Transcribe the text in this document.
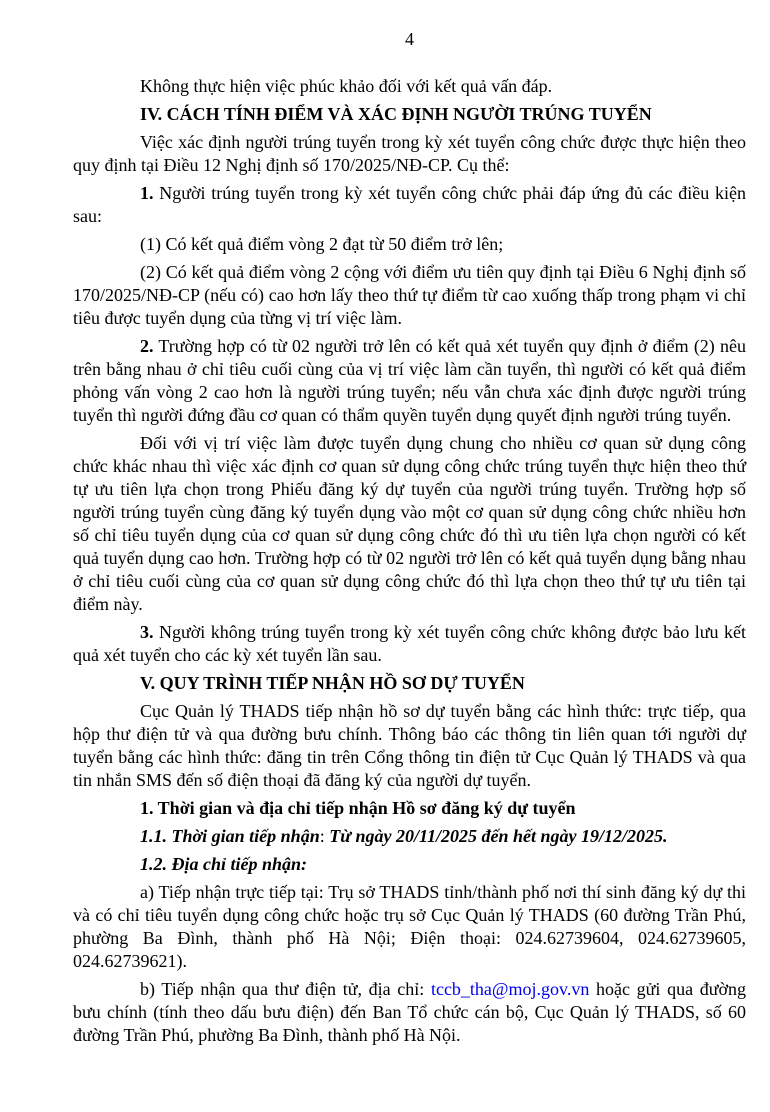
4

Không thực hiện việc phúc khảo đối với kết quả vấn đáp.

IV. CÁCH TÍNH ĐIỂM VÀ XÁC ĐỊNH NGƯỜI TRÚNG TUYỂN

Việc xác định người trúng tuyển trong kỳ xét tuyển công chức được thực hiện theo quy định tại Điều 12 Nghị định số 170/2025/NĐ-CP. Cụ thể:

1. Người trúng tuyển trong kỳ xét tuyển công chức phải đáp ứng đủ các điều kiện sau:

(1) Có kết quả điểm vòng 2 đạt từ 50 điểm trở lên;

(2) Có kết quả điểm vòng 2 cộng với điểm ưu tiên quy định tại Điều 6 Nghị định số 170/2025/NĐ-CP (nếu có) cao hơn lấy theo thứ tự điểm từ cao xuống thấp trong phạm vi chỉ tiêu được tuyển dụng của từng vị trí việc làm.

2. Trường hợp có từ 02 người trở lên có kết quả xét tuyển quy định ở điểm (2) nêu trên bằng nhau ở chỉ tiêu cuối cùng của vị trí việc làm cần tuyển, thì người có kết quả điểm phỏng vấn vòng 2 cao hơn là người trúng tuyển; nếu vẫn chưa xác định được người trúng tuyển thì người đứng đầu cơ quan có thẩm quyền tuyển dụng quyết định người trúng tuyển.

Đối với vị trí việc làm được tuyển dụng chung cho nhiều cơ quan sử dụng công chức khác nhau thì việc xác định cơ quan sử dụng công chức trúng tuyển thực hiện theo thứ tự ưu tiên lựa chọn trong Phiếu đăng ký dự tuyển của người trúng tuyển. Trường hợp số người trúng tuyển cùng đăng ký tuyển dụng vào một cơ quan sử dụng công chức nhiều hơn số chỉ tiêu tuyển dụng của cơ quan sử dụng công chức đó thì ưu tiên lựa chọn người có kết quả tuyển dụng cao hơn. Trường hợp có từ 02 người trở lên có kết quả tuyển dụng bằng nhau ở chỉ tiêu cuối cùng của cơ quan sử dụng công chức đó thì lựa chọn theo thứ tự ưu tiên tại điểm này.

3. Người không trúng tuyển trong kỳ xét tuyển công chức không được bảo lưu kết quả xét tuyển cho các kỳ xét tuyển lần sau.

V. QUY TRÌNH TIẾP NHẬN HỒ SƠ DỰ TUYỂN

Cục Quản lý THADS tiếp nhận hồ sơ dự tuyển bằng các hình thức: trực tiếp, qua hộp thư điện tử và qua đường bưu chính. Thông báo các thông tin liên quan tới người dự tuyển bằng các hình thức: đăng tin trên Cổng thông tin điện tử Cục Quản lý THADS và qua tin nhắn SMS đến số điện thoại đã đăng ký của người dự tuyển.

1. Thời gian và địa chỉ tiếp nhận Hồ sơ đăng ký dự tuyển

1.1. Thời gian tiếp nhận: Từ ngày 20/11/2025 đến hết ngày 19/12/2025.

1.2. Địa chỉ tiếp nhận:

a) Tiếp nhận trực tiếp tại: Trụ sở THADS tỉnh/thành phố nơi thí sinh đăng ký dự thi và có chỉ tiêu tuyển dụng công chức hoặc trụ sở Cục Quản lý THADS (60 đường Trần Phú, phường Ba Đình, thành phố Hà Nội; Điện thoại: 024.62739604, 024.62739605, 024.62739621).

b) Tiếp nhận qua thư điện tử, địa chỉ: tccb_tha@moj.gov.vn hoặc gửi qua đường bưu chính (tính theo dấu bưu điện) đến Ban Tổ chức cán bộ, Cục Quản lý THADS, số 60 đường Trần Phú, phường Ba Đình, thành phố Hà Nội.
